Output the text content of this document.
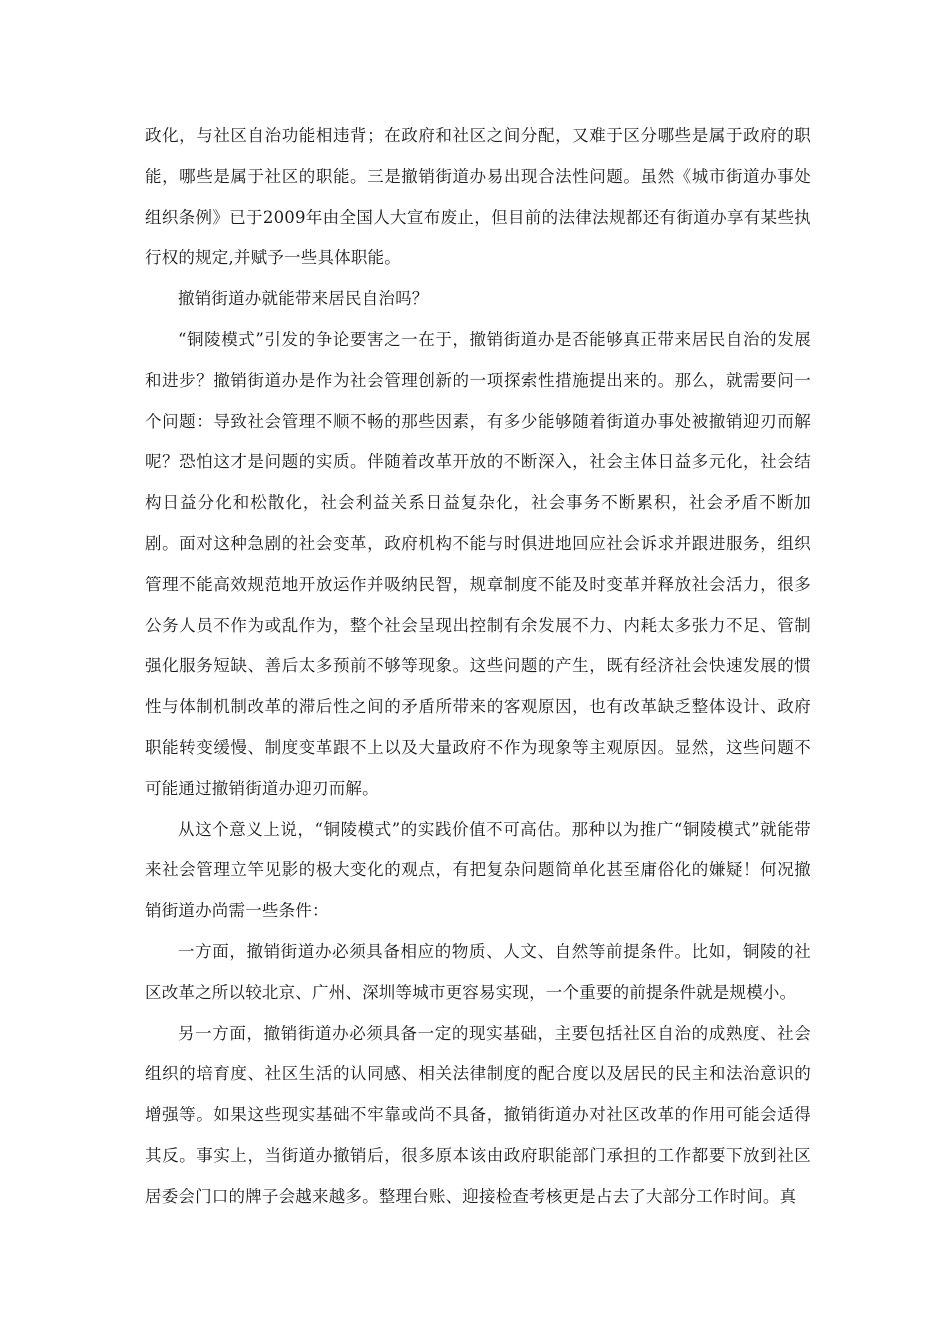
政化，与社区自治功能相违背；在政府和社区之间分配，又难于区分哪些是属于政府的职能，哪些是属于社区的职能。三是撤销街道办易出现合法性问题。虽然《城市街道办事处组织条例》已于2009年由全国人大宣布废止，但目前的法律法规都还有街道办享有某些执行权的规定,并赋予一些具体职能。

撤销街道办就能带来居民自治吗？

“铜陵模式”引发的争论要害之一在于，撤销街道办是否能够真正带来居民自治的发展和进步？撤销街道办是作为社会管理创新的一项探索性措施提出来的。那么，就需要问一个问题：导致社会管理不顺不畅的那些因素，有多少能够随着街道办事处被撤销迎刃而解呢？恐怕这才是问题的实质。伴随着改革开放的不断深入，社会主体日益多元化，社会结构日益分化和松散化，社会利益关系日益复杂化，社会事务不断累积，社会矛盾不断加剧。面对这种急剧的社会变革，政府机构不能与时俱进地回应社会诉求并跟进服务，组织管理不能高效规范地开放运作并吸纳民智，规章制度不能及时变革并释放社会活力，很多公务人员不作为或乱作为，整个社会呈现出控制有余发展不力、内耗太多张力不足、管制强化服务短缺、善后太多预前不够等现象。这些问题的产生，既有经济社会快速发展的惯性与体制机制改革的滞后性之间的矛盾所带来的客观原因，也有改革缺乏整体设计、政府职能转变缓慢、制度变革跟不上以及大量政府不作为现象等主观原因。显然，这些问题不可能通过撤销街道办迎刃而解。

从这个意义上说，“铜陵模式”的实践价值不可高估。那种以为推广“铜陵模式”就能带来社会管理立竿见影的极大变化的观点，有把复杂问题简单化甚至庸俗化的嫌疑！何况撤销街道办尚需一些条件：

一方面，撤销街道办必须具备相应的物质、人文、自然等前提条件。比如，铜陵的社区改革之所以较北京、广州、深圳等城市更容易实现，一个重要的前提条件就是规模小。

另一方面，撤销街道办必须具备一定的现实基础，主要包括社区自治的成熟度、社会组织的培育度、社区生活的认同感、相关法律制度的配合度以及居民的民主和法治意识的增强等。如果这些现实基础不牢靠或尚不具备，撤销街道办对社区改革的作用可能会适得其反。事实上，当街道办撤销后，很多原本该由政府职能部门承担的工作都要下放到社区居委会门口的牌子会越来越多。整理台账、迎接检查考核更是占去了大部分工作时间。真
